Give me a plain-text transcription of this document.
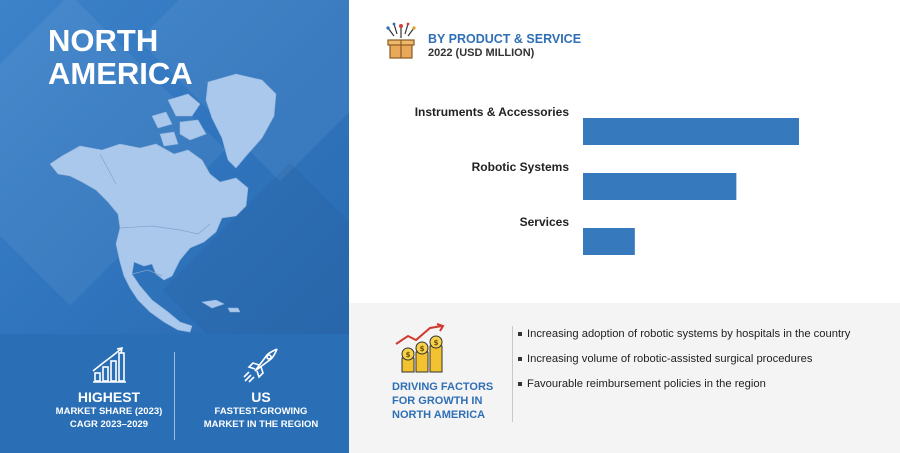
NORTH
AMERICA
HIGHEST
MARKET SHARE (2023)
CAGR 2023–2029
US
FASTEST-GROWING
MARKET IN THE REGION
BY PRODUCT & SERVICE
2022 (USD MILLION)
Instruments & Accessories
Robotic Systems
Services
$
$
$
DRIVING FACTORS
FOR GROWTH IN
NORTH AMERICA
Increasing adoption of robotic systems by hospitals in the country
Increasing volume of robotic-assisted surgical procedures
Favourable reimbursement policies in the region
